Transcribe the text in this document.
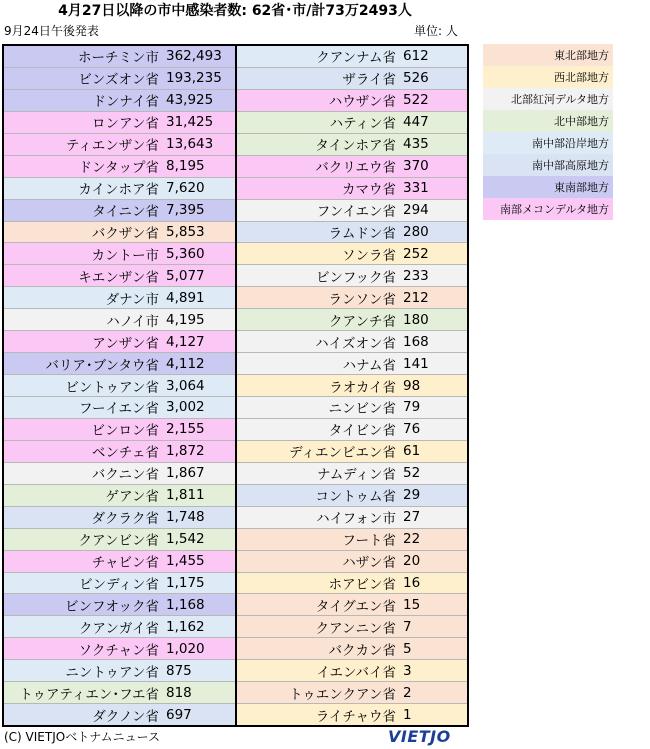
4月27日以降の市中感染者数: 62省･市/計73万2493人
9月24日午後発表	単位: 人
ホーチミン市 362,493
ビンズオン省 193,235
ドンナイ省 43,925
ロンアン省 31,425
ティエンザン省 13,643
ドンタップ省 8,195
カインホア省 7,620
タイニン省 7,395
バクザン省 5,853
カントー市 5,360
キエンザン省 5,077
ダナン市 4,891
ハノイ市 4,195
アンザン省 4,127
バリア･ブンタウ省 4,112
ビントゥアン省 3,064
フーイエン省 3,002
ビンロン省 2,155
ベンチェ省 1,872
バクニン省 1,867
ゲアン省 1,811
ダクラク省 1,748
クアンビン省 1,542
チャビン省 1,455
ビンディン省 1,175
ビンフオック省 1,168
クアンガイ省 1,162
ソクチャン省 1,020
ニントゥアン省 875
トゥアティエン･フエ省 818
ダクノン省 697
クアンナム省 612
ザライ省 526
ハウザン省 522
ハティン省 447
タインホア省 435
バクリエウ省 370
カマウ省 331
フンイエン省 294
ラムドン省 280
ソンラ省 252
ビンフック省 233
ランソン省 212
クアンチ省 180
ハイズオン省 168
ハナム省 141
ラオカイ省 98
ニンビン省 79
タイビン省 76
ディエンビエン省 61
ナムディン省 52
コントゥム省 29
ハイフォン市 27
フート省 22
ハザン省 20
ホアビン省 16
タイグエン省 15
クアンニン省 7
バクカン省 5
イエンバイ省 3
トゥエンクアン省 2
ライチャウ省 1
東北部地方
西北部地方
北部紅河デルタ地方
北中部地方
南中部沿岸地方
南中部高原地方
東南部地方
南部メコンデルタ地方
(C) VIETJOベトナムニュース	VIETJO
